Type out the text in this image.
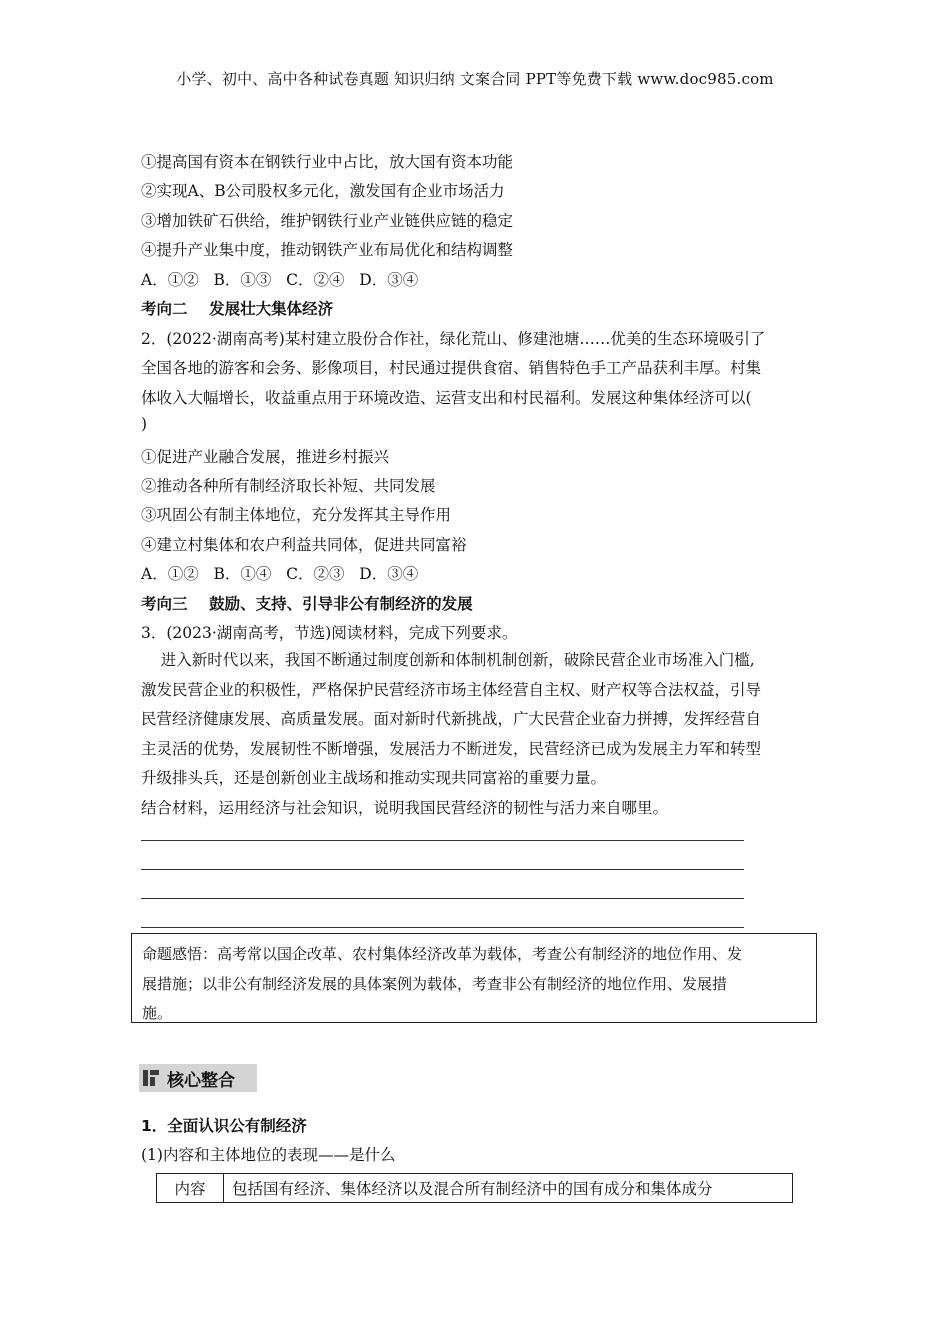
小学、初中、高中各种试卷真题 知识归纳 文案合同 PPT等免费下载 www.doc985.com
①提高国有资本在钢铁行业中占比，放大国有资本功能
②实现A、B公司股权多元化，激发国有企业市场活力
③增加铁矿石供给，维护钢铁行业产业链供应链的稳定
④提升产业集中度，推动钢铁产业布局优化和结构调整
A．①②   B．①③   C．②④   D．③④
考向二    发展壮大集体经济
2．(2022·湖南高考)某村建立股份合作社，绿化荒山、修建池塘……优美的生态环境吸引了
全国各地的游客和会务、影像项目，村民通过提供食宿、销售特色手工产品获利丰厚。村集
体收入大幅增长，收益重点用于环境改造、运营支出和村民福利。发展这种集体经济可以(
)
①促进产业融合发展，推进乡村振兴
②推动各种所有制经济取长补短、共同发展
③巩固公有制主体地位，充分发挥其主导作用
④建立村集体和农户利益共同体，促进共同富裕
A．①②   B．①④   C．②③   D．③④
考向三    鼓励、支持、引导非公有制经济的发展
3．(2023·湖南高考，节选)阅读材料，完成下列要求。
进入新时代以来，我国不断通过制度创新和体制机制创新，破除民营企业市场准入门槛,
激发民营企业的积极性，严格保护民营经济市场主体经营自主权、财产权等合法权益，引导
民营经济健康发展、高质量发展。面对新时代新挑战，广大民营企业奋力拼搏，发挥经营自
主灵活的优势，发展韧性不断增强，发展活力不断迸发，民营经济已成为发展主力军和转型
升级排头兵，还是创新创业主战场和推动实现共同富裕的重要力量。
结合材料，运用经济与社会知识，说明我国民营经济的韧性与活力来自哪里。
命题感悟：高考常以国企改革、农村集体经济改革为载体，考查公有制经济的地位作用、发
展措施；以非公有制经济发展的具体案例为载体，考查非公有制经济的地位作用、发展措
施。
核心整合
1．全面认识公有制经济
(1)内容和主体地位的表现——是什么
内容	包括国有经济、集体经济以及混合所有制经济中的国有成分和集体成分
